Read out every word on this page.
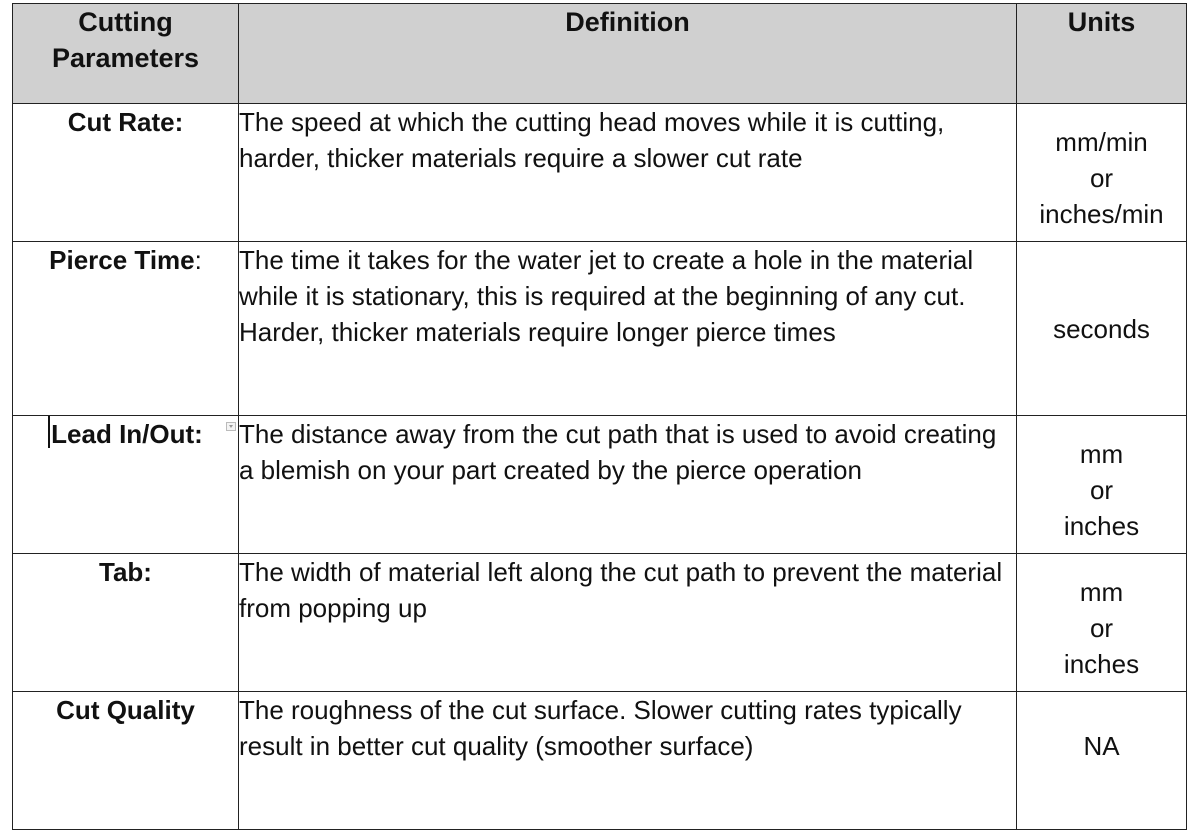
Cutting
Parameters	Definition	Units
Cut Rate:	The speed at which the cutting head moves while it is cutting, harder, thicker materials require a slower cut rate	mm/min
or
inches/min
Pierce Time:	The time it takes for the water jet to create a hole in the material while it is stationary, this is required at the beginning of any cut. Harder, thicker materials require longer pierce times	seconds
Lead In/Out:	The distance away from the cut path that is used to avoid creating a blemish on your part created by the pierce operation	mm
or
inches
Tab:	The width of material left along the cut path to prevent the material from popping up	mm
or
inches
Cut Quality	The roughness of the cut surface. Slower cutting rates typically result in better cut quality (smoother surface)	NA
